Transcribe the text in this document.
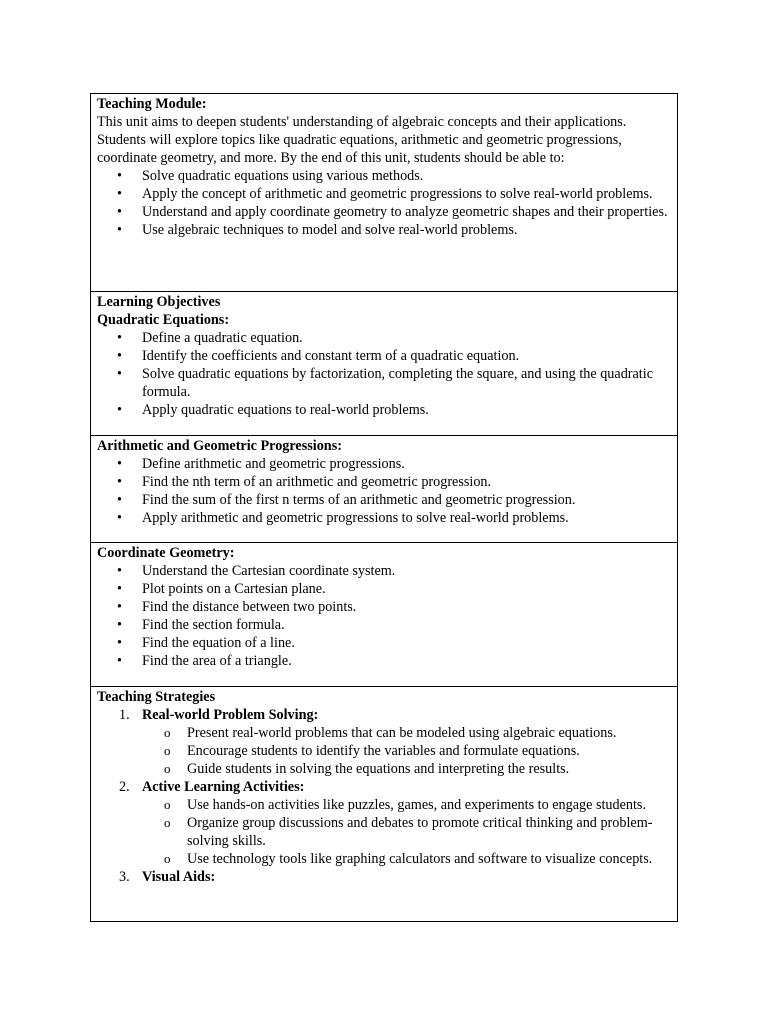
Teaching Module:

This unit aims to deepen students' understanding of algebraic concepts and their applications. Students will explore topics like quadratic equations, arithmetic and geometric progressions, coordinate geometry, and more. By the end of this unit, students should be able to:

• Solve quadratic equations using various methods.
• Apply the concept of arithmetic and geometric progressions to solve real-world problems.
• Understand and apply coordinate geometry to analyze geometric shapes and their properties.
• Use algebraic techniques to model and solve real-world problems.

Learning Objectives

Quadratic Equations:

• Define a quadratic equation.
• Identify the coefficients and constant term of a quadratic equation.
• Solve quadratic equations by factorization, completing the square, and using the quadratic formula.
• Apply quadratic equations to real-world problems.

Arithmetic and Geometric Progressions:

• Define arithmetic and geometric progressions.
• Find the nth term of an arithmetic and geometric progression.
• Find the sum of the first n terms of an arithmetic and geometric progression.
• Apply arithmetic and geometric progressions to solve real-world problems.

Coordinate Geometry:

• Understand the Cartesian coordinate system.
• Plot points on a Cartesian plane.
• Find the distance between two points.
• Find the section formula.
• Find the equation of a line.
• Find the area of a triangle.

Teaching Strategies

1. Real-world Problem Solving:
o Present real-world problems that can be modeled using algebraic equations.
o Encourage students to identify the variables and formulate equations.
o Guide students in solving the equations and interpreting the results.
2. Active Learning Activities:
o Use hands-on activities like puzzles, games, and experiments to engage students.
o Organize group discussions and debates to promote critical thinking and problem-solving skills.
o Use technology tools like graphing calculators and software to visualize concepts.
3. Visual Aids:
